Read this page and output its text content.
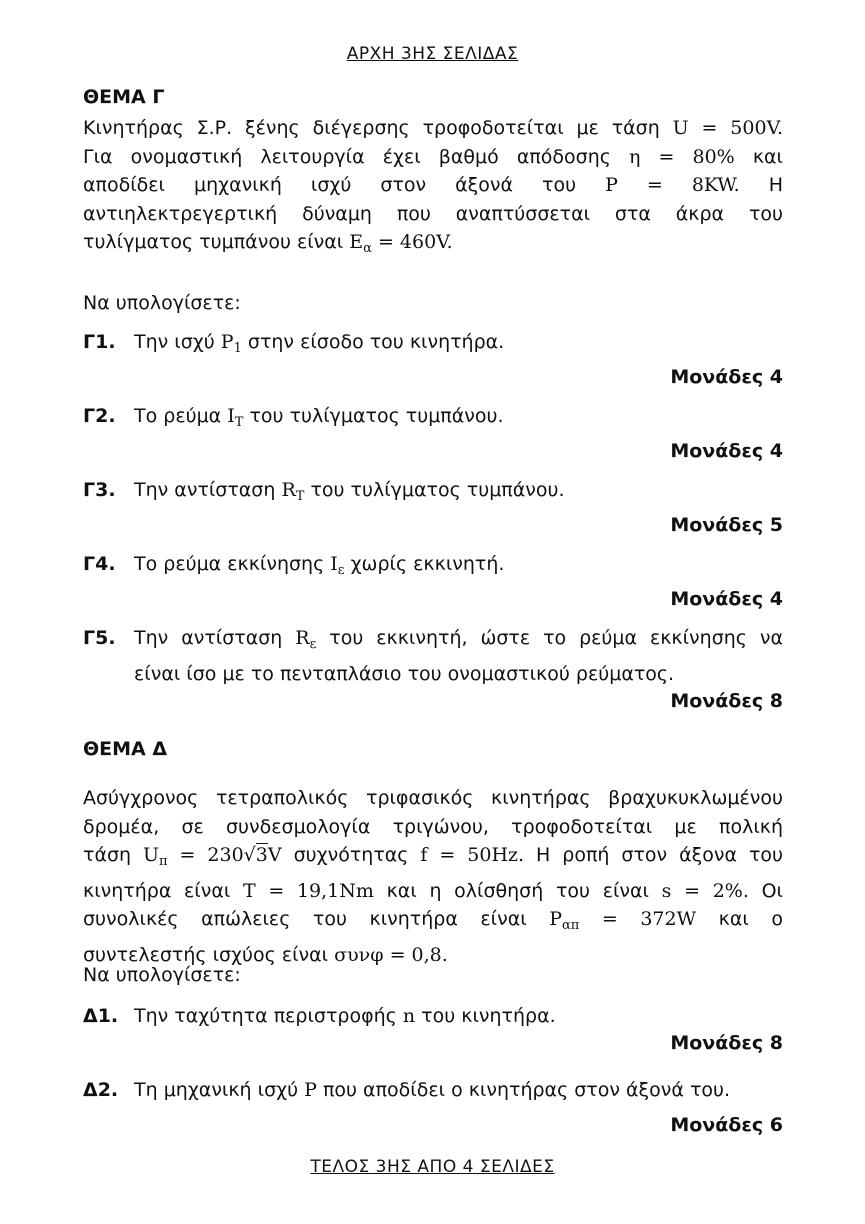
ΑΡΧΗ 3ΗΣ ΣΕΛΙΔΑΣ
ΘΕΜΑ Γ
Κινητήρας Σ.Ρ. ξένης διέγερσης τροφοδοτείται με τάση U = 500V.
Για ονομαστική λειτουργία έχει βαθμό απόδοσης η = 80% και
αποδίδει μηχανική ισχύ στον άξονά του P = 8KW. Η
αντιηλεκτρεγερτική δύναμη που αναπτύσσεται στα άκρα του
τυλίγματος τυμπάνου είναι $E_\alpha = 460V$.
Να υπολογίσετε:
Γ1. Την ισχύ $P_1$ στην είσοδο του κινητήρα.
Μονάδες 4
Γ2. Το ρεύμα $I_T$ του τυλίγματος τυμπάνου.
Μονάδες 4
Γ3. Την αντίσταση $R_T$ του τυλίγματος τυμπάνου.
Μονάδες 5
Γ4. Το ρεύμα εκκίνησης $I_\varepsilon$ χωρίς εκκινητή.
Μονάδες 4
Γ5. Την αντίσταση $R_\varepsilon$ του εκκινητή, ώστε το ρεύμα εκκίνησης να
είναι ίσο με το πενταπλάσιο του ονομαστικού ρεύματος.
Μονάδες 8
ΘΕΜΑ Δ
Ασύγχρονος τετραπολικός τριφασικός κινητήρας βραχυκυκλωμένου
δρομέα, σε συνδεσμολογία τριγώνου, τροφοδοτείται με πολική
τάση $U_\pi = 230√3V$ συχνότητας f = 50Hz. Η ροπή στον άξονα του
κινητήρα είναι T = 19,1Nm και η ολίσθησή του είναι s = 2%. Οι
συνολικές απώλειες του κινητήρα είναι $P_{\alpha\pi} = 372W$ και ο
συντελεστής ισχύος είναι συνφ = 0,8.
Να υπολογίσετε:
Δ1. Την ταχύτητα περιστροφής n του κινητήρα.
Μονάδες 8
Δ2. Τη μηχανική ισχύ P που αποδίδει ο κινητήρας στον άξονά του.
Μονάδες 6
ΤΕΛΟΣ 3ΗΣ ΑΠΟ 4 ΣΕΛΙΔΕΣ
